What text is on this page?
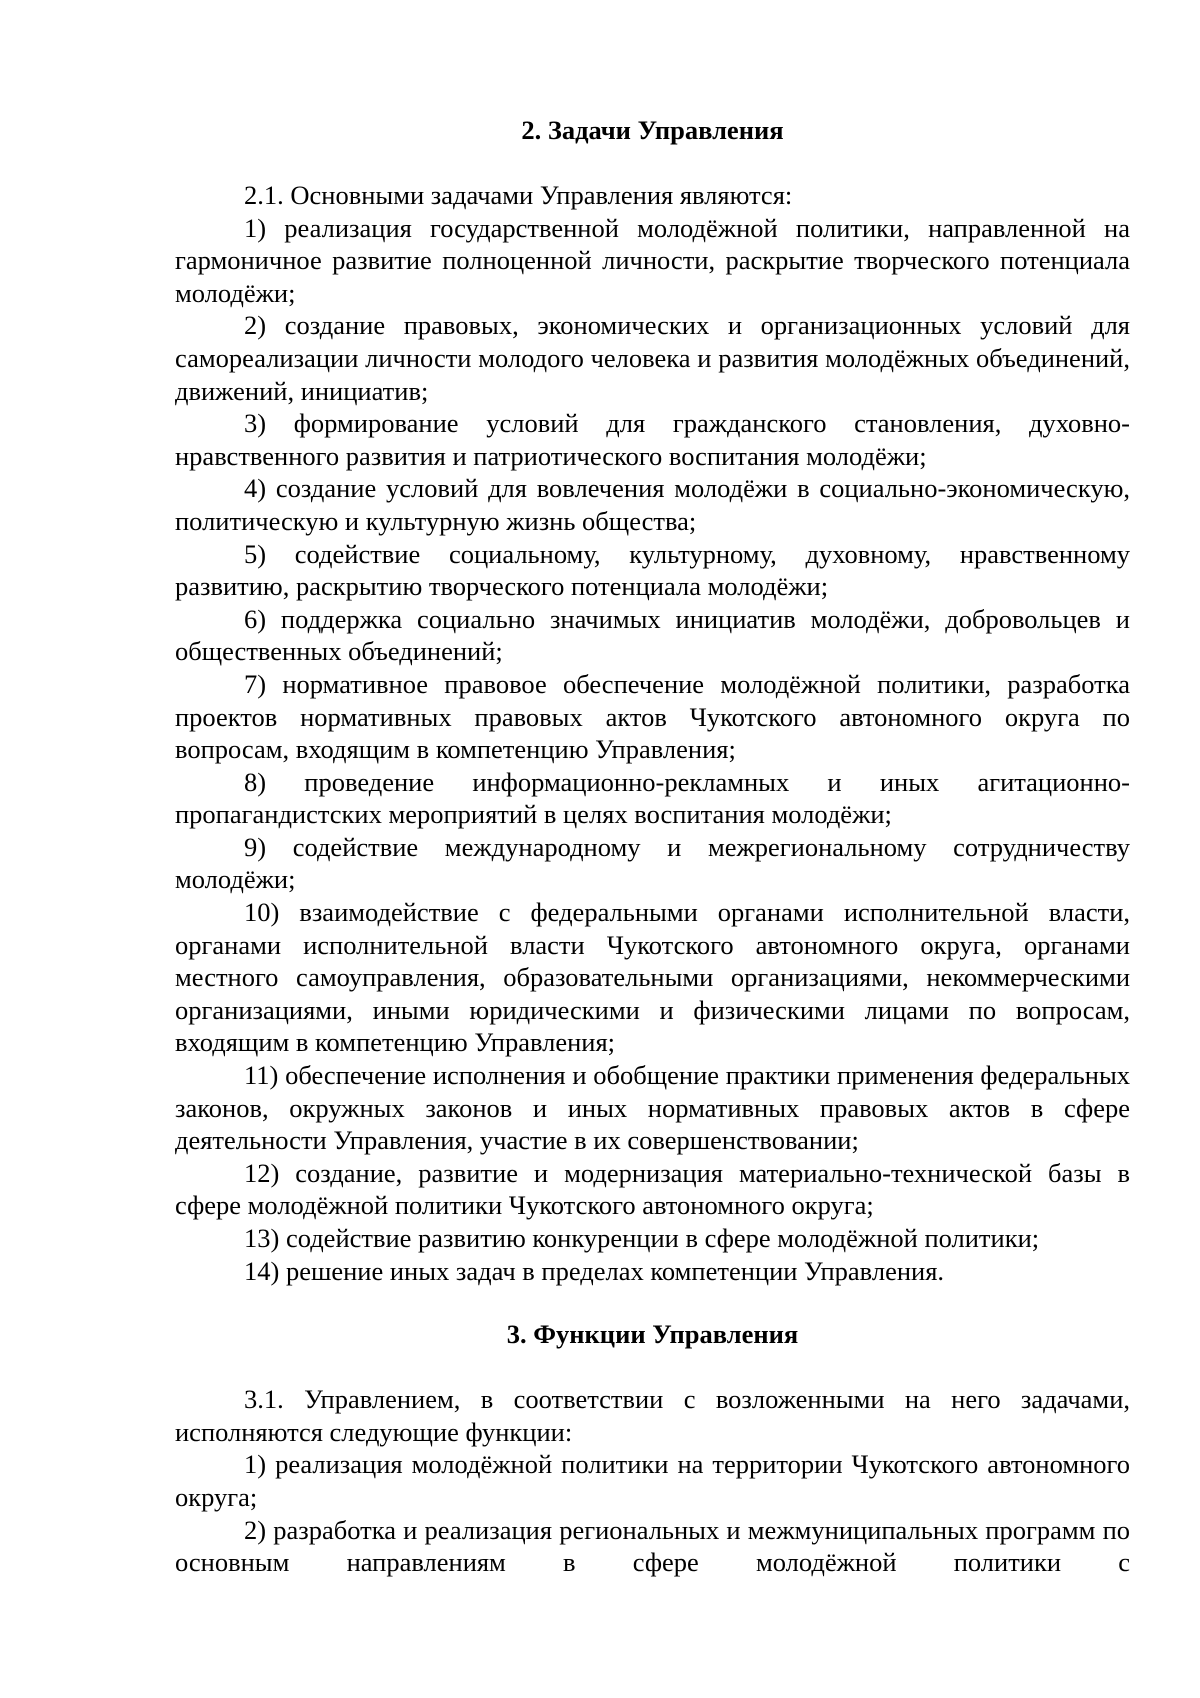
2. Задачи Управления

2.1. Основными задачами Управления являются:

1) реализация государственной молодёжной политики, направленной на гармоничное развитие полноценной личности, раскрытие творческого потенциала молодёжи;

2) создание правовых, экономических и организационных условий для самореализации личности молодого человека и развития молодёжных объединений, движений, инициатив;

3) формирование условий для гражданского становления, духовно-нравственного развития и патриотического воспитания молодёжи;

4) создание условий для вовлечения молодёжи в социально-экономическую, политическую и культурную жизнь общества;

5) содействие социальному, культурному, духовному, нравственному развитию, раскрытию творческого потенциала молодёжи;

6) поддержка социально значимых инициатив молодёжи, добровольцев и общественных объединений;

7) нормативное правовое обеспечение молодёжной политики, разработка проектов нормативных правовых актов Чукотского автономного округа по вопросам, входящим в компетенцию Управления;

8) проведение информационно-рекламных и иных агитационно-пропагандистских мероприятий в целях воспитания молодёжи;

9) содействие международному и межрегиональному сотрудничеству молодёжи;

10) взаимодействие с федеральными органами исполнительной власти, органами исполнительной власти Чукотского автономного округа, органами местного самоуправления, образовательными организациями, некоммерческими организациями, иными юридическими и физическими лицами по вопросам, входящим в компетенцию Управления;

11) обеспечение исполнения и обобщение практики применения федеральных законов, окружных законов и иных нормативных правовых актов в сфере деятельности Управления, участие в их совершенствовании;

12) создание, развитие и модернизация материально-технической базы в сфере молодёжной политики Чукотского автономного округа;

13) содействие развитию конкуренции в сфере молодёжной политики;

14) решение иных задач в пределах компетенции Управления.

3. Функции Управления

3.1. Управлением, в соответствии с возложенными на него задачами, исполняются следующие функции:

1) реализация молодёжной политики на территории Чукотского автономного округа;

2) разработка и реализация региональных и межмуниципальных программ по основным направлениям в сфере молодёжной политики с
